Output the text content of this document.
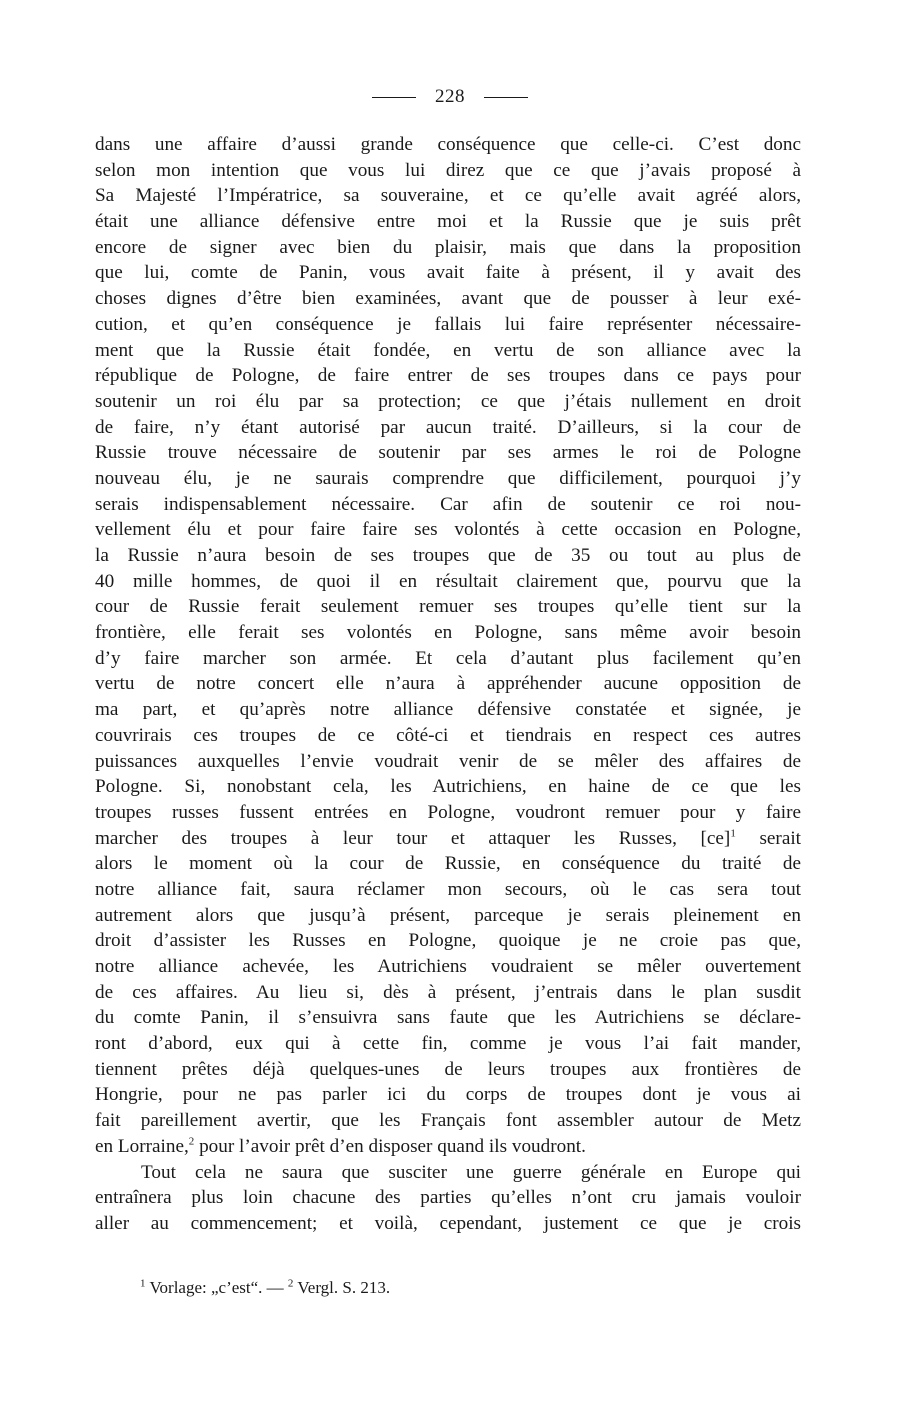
228
dans une affaire d’aussi grande conséquence que celle-ci. C’est donc
selon mon intention que vous lui direz que ce que j’avais proposé à
Sa Majesté l’Impératrice, sa souveraine, et ce qu’elle avait agréé alors,
était une alliance défensive entre moi et la Russie que je suis prêt
encore de signer avec bien du plaisir, mais que dans la proposition
que lui, comte de Panin, vous avait faite à présent, il y avait des
choses dignes d’être bien examinées, avant que de pousser à leur exé-
cution, et qu’en conséquence je fallais lui faire représenter nécessaire-
ment que la Russie était fondée, en vertu de son alliance avec la
république de Pologne, de faire entrer de ses troupes dans ce pays pour
soutenir un roi élu par sa protection; ce que j’étais nullement en droit
de faire, n’y étant autorisé par aucun traité. D’ailleurs, si la cour de
Russie trouve nécessaire de soutenir par ses armes le roi de Pologne
nouveau élu, je ne saurais comprendre que difficilement, pourquoi j’y
serais indispensablement nécessaire. Car afin de soutenir ce roi nou-
vellement élu et pour faire faire ses volontés à cette occasion en Pologne,
la Russie n’aura besoin de ses troupes que de 35 ou tout au plus de
40 mille hommes, de quoi il en résultait clairement que, pourvu que la
cour de Russie ferait seulement remuer ses troupes qu’elle tient sur la
frontière, elle ferait ses volontés en Pologne, sans même avoir besoin
d’y faire marcher son armée. Et cela d’autant plus facilement qu’en
vertu de notre concert elle n’aura à appréhender aucune opposition de
ma part, et qu’après notre alliance défensive constatée et signée, je
couvrirais ces troupes de ce côté-ci et tiendrais en respect ces autres
puissances auxquelles l’envie voudrait venir de se mêler des affaires de
Pologne. Si, nonobstant cela, les Autrichiens, en haine de ce que les
troupes russes fussent entrées en Pologne, voudront remuer pour y faire
marcher des troupes à leur tour et attaquer les Russes, [ce]$^1$ serait
alors le moment où la cour de Russie, en conséquence du traité de
notre alliance fait, saura réclamer mon secours, où le cas sera tout
autrement alors que jusqu’à présent, parceque je serais pleinement en
droit d’assister les Russes en Pologne, quoique je ne croie pas que,
notre alliance achevée, les Autrichiens voudraient se mêler ouvertement
de ces affaires. Au lieu si, dès à présent, j’entrais dans le plan susdit
du comte Panin, il s’ensuivra sans faute que les Autrichiens se déclare-
ront d’abord, eux qui à cette fin, comme je vous l’ai fait mander,
tiennent prêtes déjà quelques-unes de leurs troupes aux frontières de
Hongrie, pour ne pas parler ici du corps de troupes dont je vous ai
fait pareillement avertir, que les Français font assembler autour de Metz
en Lorraine,$^2$ pour l’avoir prêt d’en disposer quand ils voudront.
Tout cela ne saura que susciter une guerre générale en Europe qui
entraînera plus loin chacune des parties qu’elles n’ont cru jamais vouloir
aller au commencement; et voilà, cependant, justement ce que je crois
$^1$ Vorlage: „c’est“. — $^2$ Vergl. S. 213.
